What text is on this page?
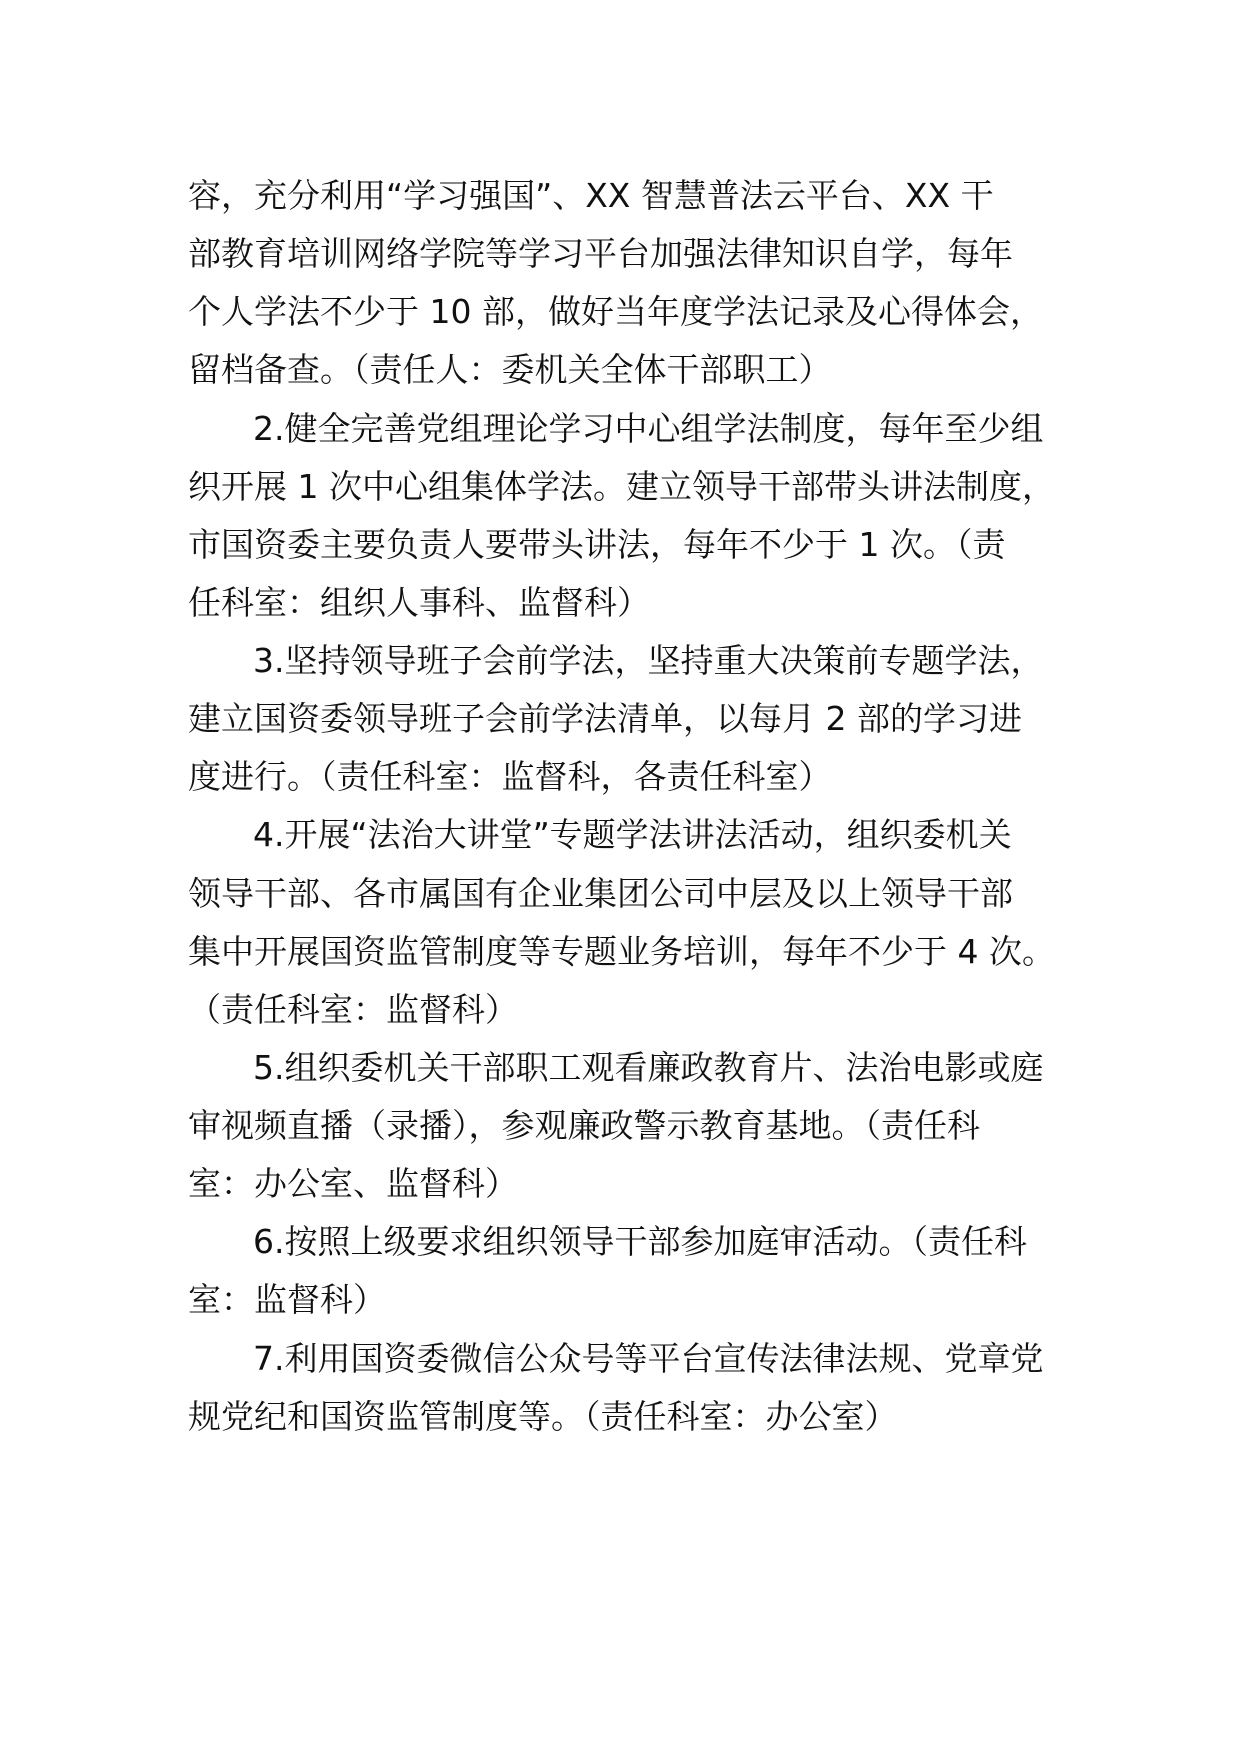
容，充分利用“学习强国”、XX 智慧普法云平台、XX 干
部教育培训网络学院等学习平台加强法律知识自学，每年
个人学法不少于 10 部，做好当年度学法记录及心得体会，
留档备查。（责任人：委机关全体干部职工）
2.健全完善党组理论学习中心组学法制度，每年至少组
织开展 1 次中心组集体学法。建立领导干部带头讲法制度，
市国资委主要负责人要带头讲法，每年不少于 1 次。（责
任科室：组织人事科、监督科）
3.坚持领导班子会前学法，坚持重大决策前专题学法，
建立国资委领导班子会前学法清单，以每月 2 部的学习进
度进行。（责任科室：监督科，各责任科室）
4.开展“法治大讲堂”专题学法讲法活动，组织委机关
领导干部、各市属国有企业集团公司中层及以上领导干部
集中开展国资监管制度等专题业务培训，每年不少于 4 次。
（责任科室：监督科）
5.组织委机关干部职工观看廉政教育片、法治电影或庭
审视频直播（录播），参观廉政警示教育基地。（责任科
室：办公室、监督科）
6.按照上级要求组织领导干部参加庭审活动。（责任科
室：监督科）
7.利用国资委微信公众号等平台宣传法律法规、党章党
规党纪和国资监管制度等。（责任科室：办公室）
